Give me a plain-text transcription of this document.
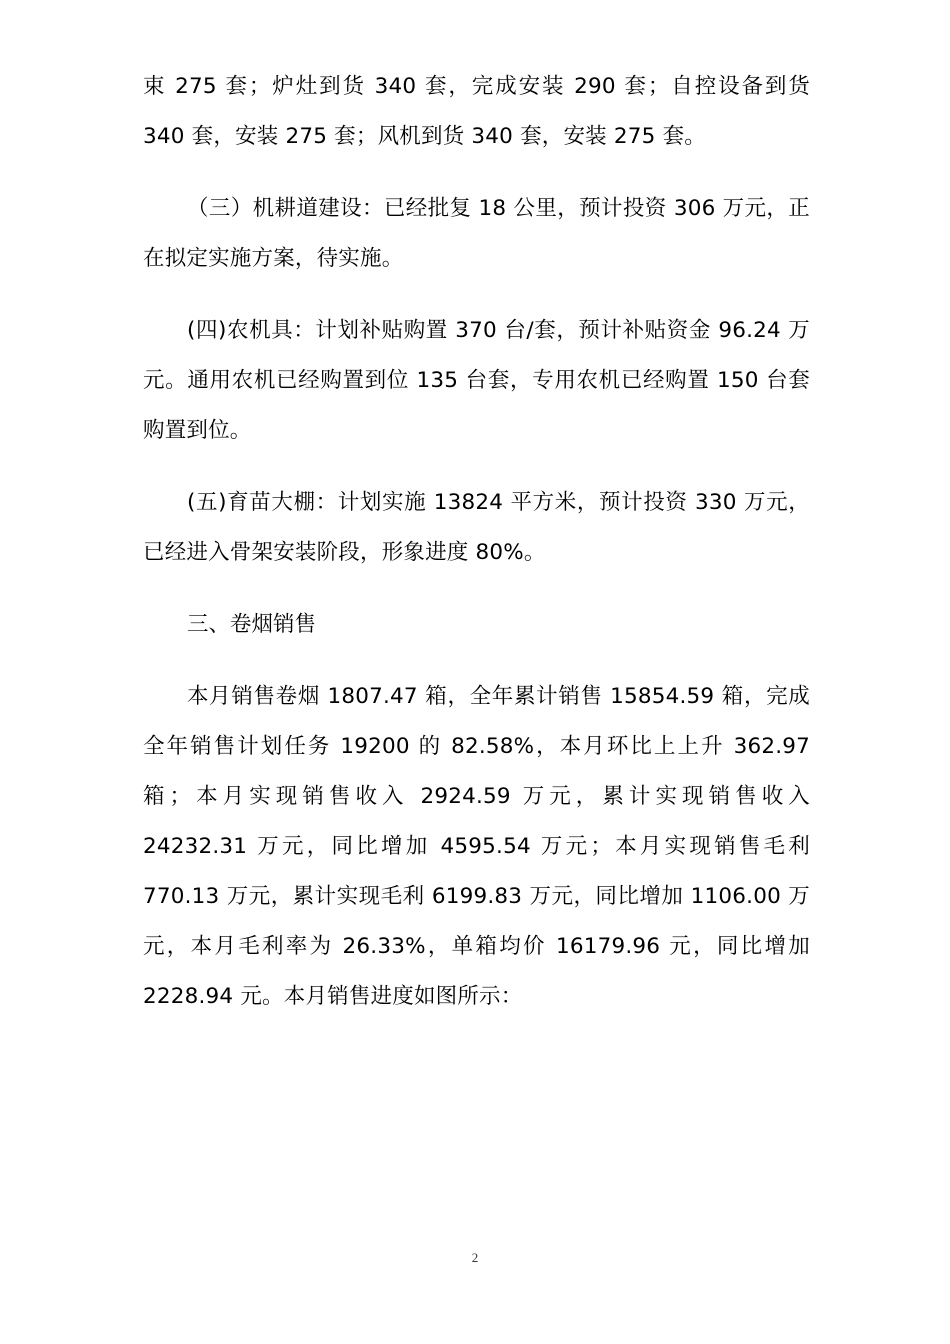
束 275 套；炉灶到货 340 套，完成安装 290 套；自控设备到货 340 套，安装 275 套；风机到货 340 套，安装 275 套。

（三）机耕道建设：已经批复 18 公里，预计投资 306 万元，正在拟定实施方案，待实施。

(四)农机具：计划补贴购置 370 台/套，预计补贴资金 96.24 万元。通用农机已经购置到位 135 台套，专用农机已经购置 150 台套购置到位。

(五)育苗大棚：计划实施 13824 平方米，预计投资 330 万元，已经进入骨架安装阶段，形象进度 80%。

三、卷烟销售

本月销售卷烟 1807.47 箱，全年累计销售 15854.59 箱，完成全年销售计划任务 19200 的 82.58%，本月环比上上升 362.97 箱；本月实现销售收入 2924.59 万元，累计实现销售收入 24232.31 万元，同比增加 4595.54 万元；本月实现销售毛利 770.13 万元，累计实现毛利 6199.83 万元，同比增加 1106.00 万元，本月毛利率为 26.33%，单箱均价 16179.96 元，同比增加 2228.94 元。本月销售进度如图所示：

2
